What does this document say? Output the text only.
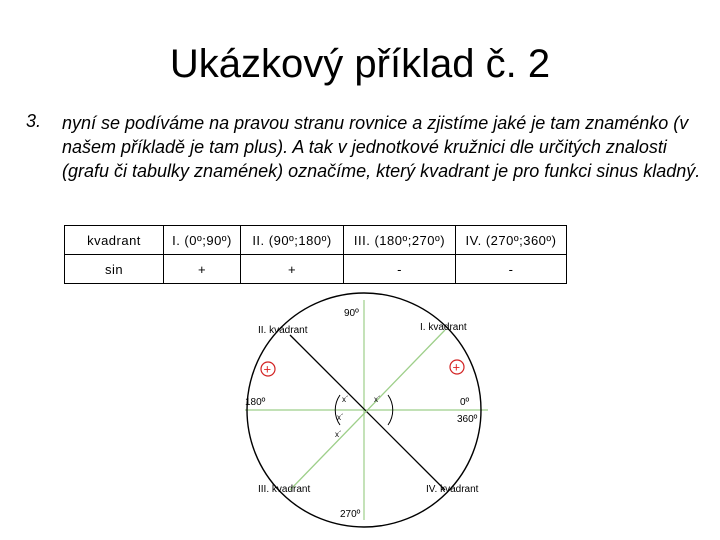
Ukázkový příklad č. 2
3. nyní se podíváme na pravou stranu rovnice a zjistíme jaké je tam znaménko (v našem příkladě je tam plus). A tak v jednotkové kružnici dle určitých znalosti (grafu či tabulky znamének) označíme, který kvadrant je pro funkci sinus kladný.
kvadrant	I. (0º;90º)	II. (90º;180º)	III. (180º;270º)	IV. (270º;360º)
sin	+	+	-	-
90º
180º	0º
360º
270º
I. kvadrant
II. kvadrant
III. kvadrant	IV. kvadrant
x´	x´
x´
x´
+	+
